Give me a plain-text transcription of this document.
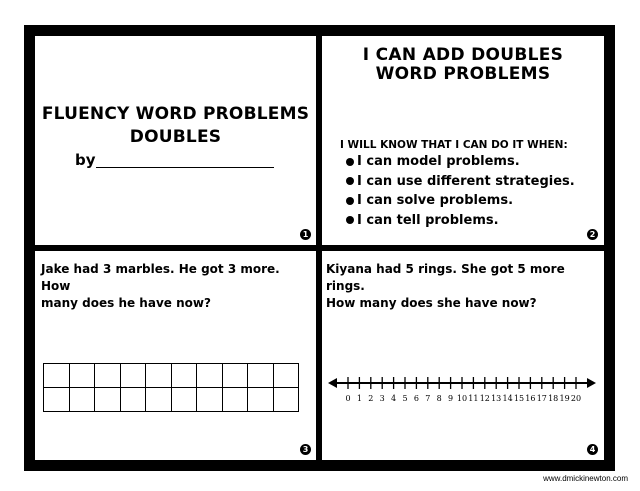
FLUENCY WORD PROBLEMS
DOUBLES
by
1
I CAN ADD DOUBLES
WORD PROBLEMS
I WILL KNOW THAT I CAN DO IT WHEN:
I can model problems.
I can use different strategies.
I can solve problems.
I can tell problems.
2
Jake had 3 marbles. He got 3 more. How
many does he have now?

3
Kiyana had 5 rings. She got 5 more rings.
How many does she have now?
0 1 2 3 4 5 6 7 8 9 10 11 12 13 14 15 16 17 18 19 20
4
www.dmickinewton.com
